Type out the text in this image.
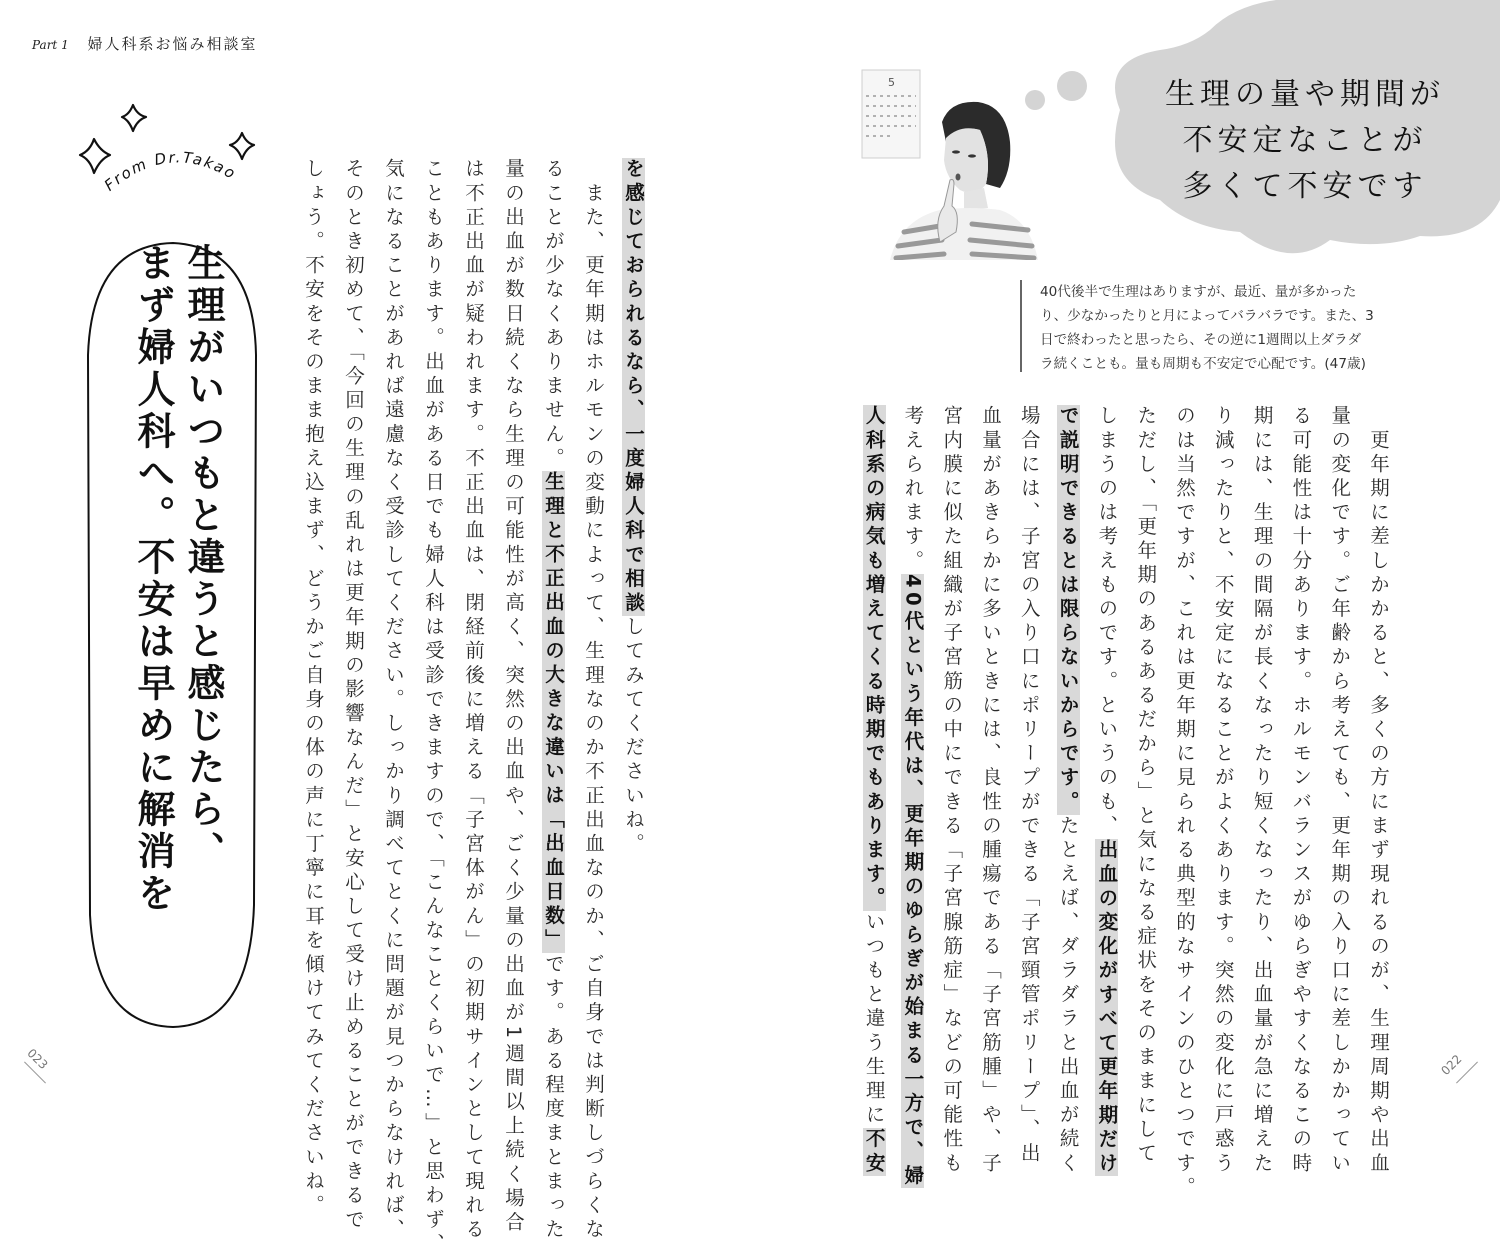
Part 1 婦人科系お悩み相談室
From Dr.Takao
生理がいつもと違うと感じたら、
まず婦人科へ。不安は早めに解消を	を感じておられるなら、一度婦人科で相談してみてくださいね。
　また、更年期はホルモンの変動によって、生理なのか不正出血なのか、ご自身では判断しづらくな
ることが少なくありません。生理と不正出血の大きな違いは「出血日数」です。ある程度まとまった
量の出血が数日続くなら生理の可能性が高く、突然の出血や、ごく少量の出血が1週間以上続く場合
は不正出血が疑われます。不正出血は、閉経前後に増える「子宮体がん」の初期サインとして現れる
こともあります。出血がある日でも婦人科は受診できますので、「こんなことくらいで…」と思わず、
気になることがあれば遠慮なく受診してください。しっかり調べてとくに問題が見つからなければ、
そのとき初めて、「今回の生理の乱れは更年期の影響なんだ」と安心して受け止めることができるで
しょう。不安をそのまま抱え込まず、どうかご自身の体の声に丁寧に耳を傾けてみてくださいね。
023	022
5	生理の量や期間が
不安定なことが
多くて不安です
40代後半で生理はありますが、最近、量が多かった
り、少なかったりと月によってバラバラです。また、3
日で終わったと思ったら、その逆に1週間以上ダラダ
ラ続くことも。量も周期も不安定で心配です。(47歳)
　更年期に差しかかると、多くの方にまず現れるのが、生理周期や出血
量の変化です。ご年齢から考えても、更年期の入り口に差しかかってい
る可能性は十分あります。ホルモンバランスがゆらぎやすくなるこの時
期には、生理の間隔が長くなったり短くなったり、出血量が急に増えた
り減ったりと、不安定になることがよくあります。突然の変化に戸惑う
のは当然ですが、これは更年期に見られる典型的なサインのひとつです。
ただし、「更年期のあるあるだから」と気になる症状をそのままにして
しまうのは考えものです。というのも、出血の変化がすべて更年期だけ
で説明できるとは限らないからです。たとえば、ダラダラと出血が続く
場合には、子宮の入り口にポリープができる「子宮頸管ポリープ」、出
血量があきらかに多いときには、良性の腫瘍である「子宮筋腫」や、子
宮内膜に似た組織が子宮筋の中にできる「子宮腺筋症」などの可能性も
考えられます。40代という年代は、更年期のゆらぎが始まる一方で、婦
人科系の病気も増えてくる時期でもあります。いつもと違う生理に不安
